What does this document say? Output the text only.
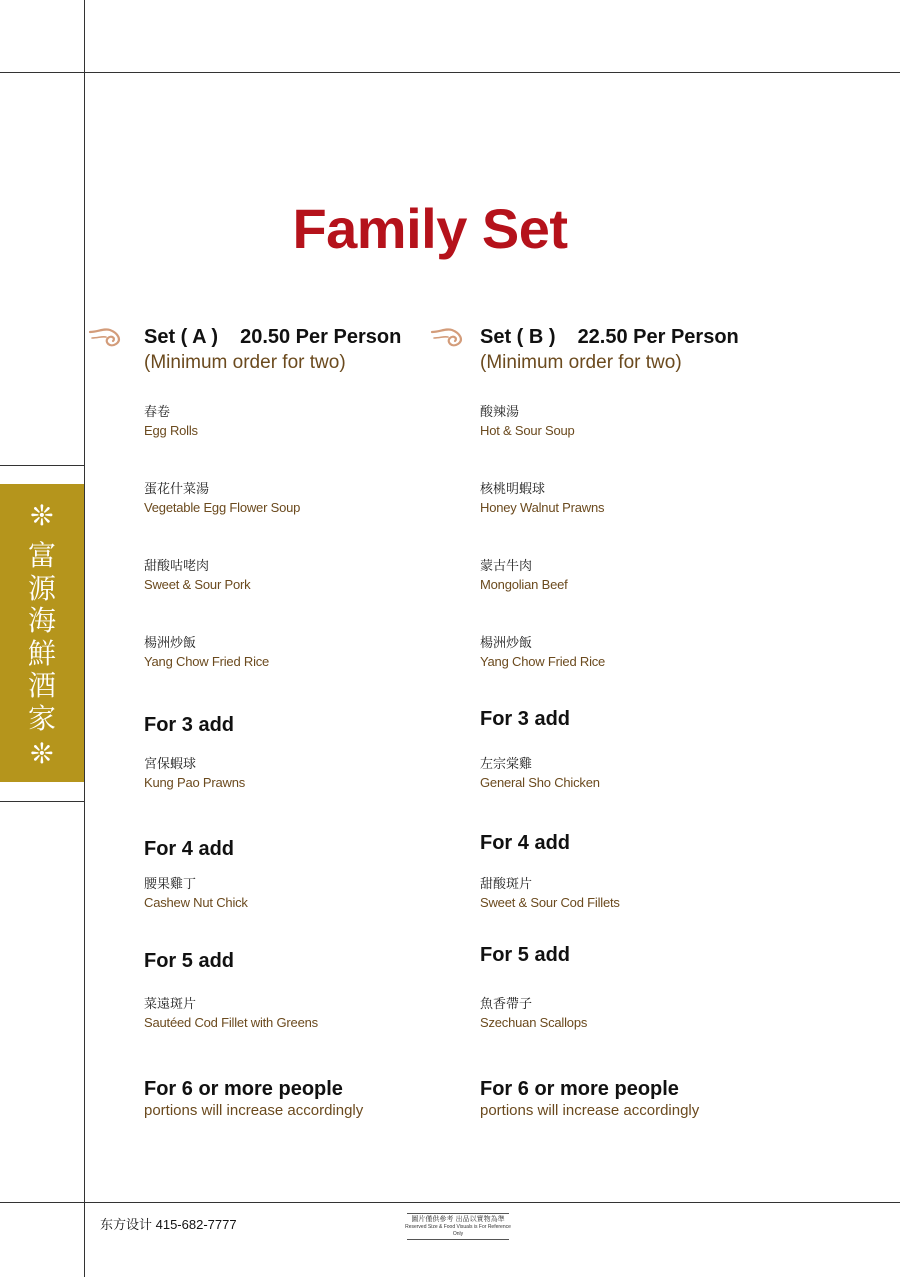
❊
富
源
海
鮮
酒
家
❊
Family Set
Set ( A ) 20.50 Per Person
(Minimum order for two)
春卷
Egg Rolls
蛋花什菜湯
Vegetable Egg Flower Soup
甜酸咕咾肉
Sweet & Sour Pork
楊洲炒飯
Yang Chow Fried Rice
For 3 add
宮保蝦球
Kung Pao Prawns
For 4 add
腰果雞丁
Cashew Nut Chick
For 5 add
菜遠斑片
Sautéed Cod Fillet with Greens
For 6 or more people
portions will increase accordingly
Set ( B ) 22.50 Per Person
(Minimum order for two)
酸辣湯
Hot & Sour Soup
核桃明蝦球
Honey Walnut Prawns
蒙古牛肉
Mongolian Beef
楊洲炒飯
Yang Chow Fried Rice
For 3 add
左宗棠雞
General Sho Chicken
For 4 add
甜酸斑片
Sweet & Sour Cod Fillets
For 5 add
魚香帶子
Szechuan Scallops
For 6 or more people
portions will increase accordingly
东方设计 415-682-7777	圖片僅供參考 出品以實物為準
Reserved Size & Food Visuals is For Reference Only
